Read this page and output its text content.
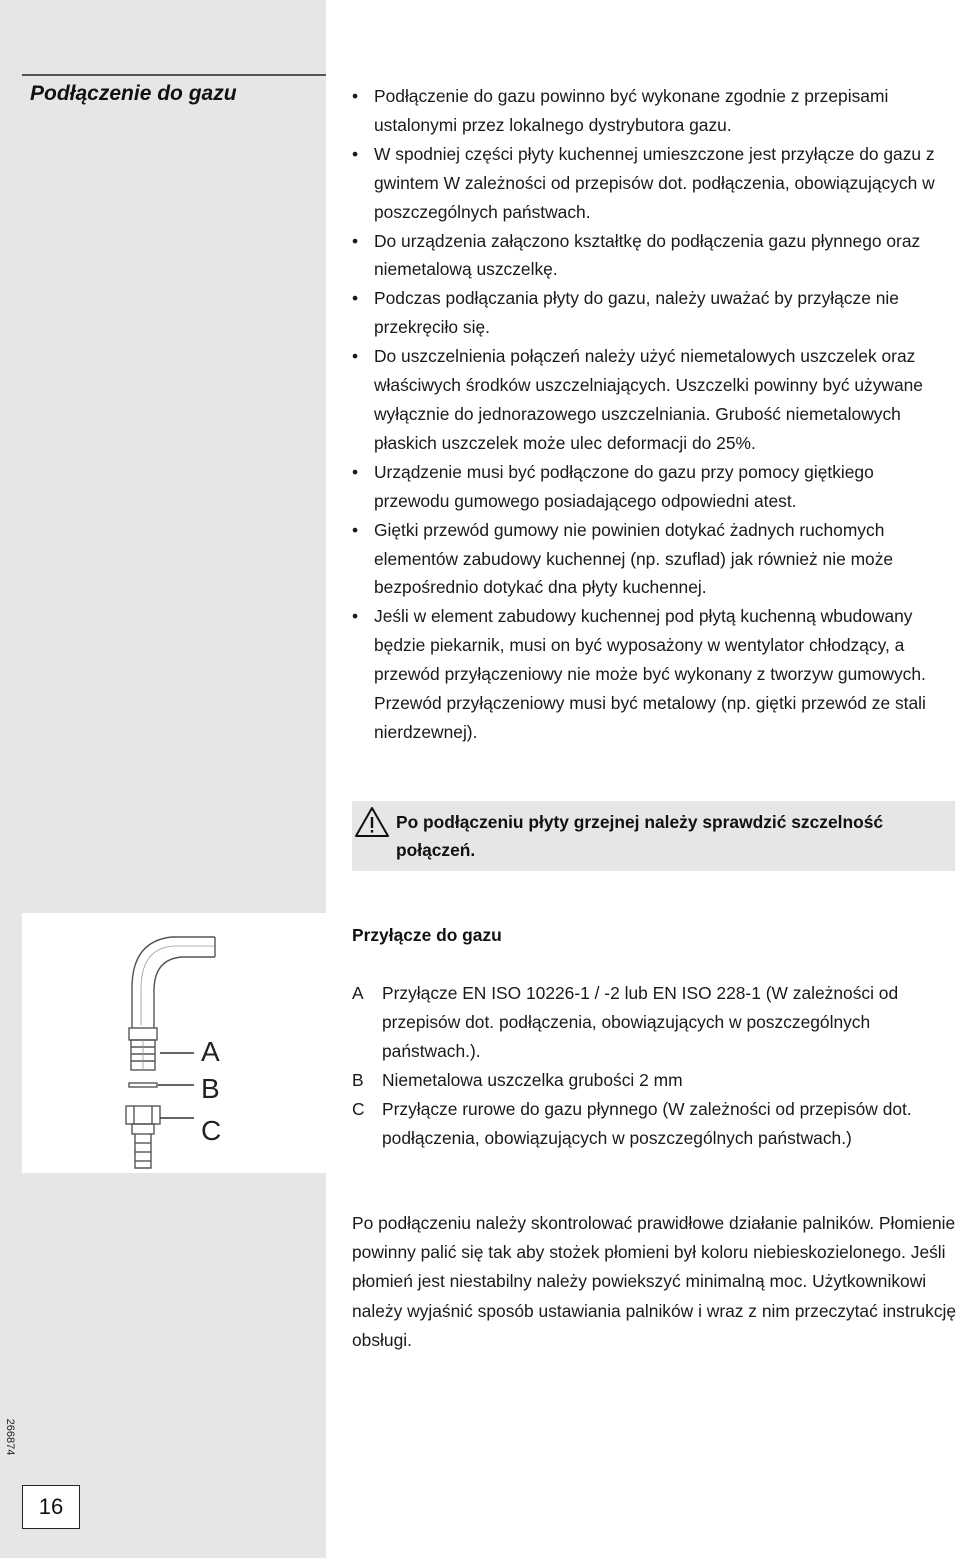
Podłączenie do gazu
•	Podłączenie do gazu powinno być wykonane zgodnie z przepisami ustalonymi przez lokalnego dystrybutora gazu.
• W spodniej części płyty kuchennej umieszczone jest przyłącze do gazu z gwintem W zależności od przepisów dot. podłączenia, obowiązujących w poszczególnych państwach.
• Do urządzenia załączono kształtkę do podłączenia gazu płynnego oraz niemetalową uszczelkę.
• Podczas podłączania płyty do gazu, należy uważać by przyłącze nie przekręciło się.
• Do uszczelnienia połączeń należy użyć niemetalowych uszczelek oraz właściwych środków uszczelniających. Uszczelki powinny być używane wyłącznie do jednorazowego uszczelniania. Grubość niemetalowych płaskich uszczelek może ulec deformacji do 25%.
• Urządzenie musi być podłączone do gazu przy pomocy giętkiego przewodu gumowego posiadającego odpowiedni atest.
• Giętki przewód gumowy nie powinien dotykać żadnych ruchomych elementów zabudowy kuchennej (np. szuflad) jak również nie może bezpośrednio dotykać dna płyty kuchennej.
• Jeśli w element zabudowy kuchennej pod płytą kuchenną wbudowany będzie piekarnik, musi on być wyposażony w wentylator chłodzący, a przewód przyłączeniowy nie może być wykonany z tworzyw gumowych. Przewód przyłączeniowy musi być metalowy (np. giętki przewód ze stali nierdzewnej).
Po podłączeniu płyty grzejnej należy sprawdzić szczelność połączeń.
A
B
C
Przyłącze do gazu
A Przyłącze EN ISO 10226-1 / -2 lub EN ISO 228-1 (W zależności od przepisów dot. podłączenia, obowiązujących w poszczególnych państwach.).
B Niemetalowa uszczelka grubości 2 mm
C Przyłącze rurowe do gazu płynnego (W zależności od przepisów dot. podłączenia, obowiązujących w poszczególnych państwach.)

Po podłączeniu należy skontrolować prawidłowe działanie palników. Płomienie powinny palić się tak aby stożek płomieni był koloru niebieskozielonego. Jeśli płomień jest niestabilny należy powiekszyć minimalną moc. Użytkownikowi należy wyjaśnić sposób ustawiania palników i wraz z nim przeczytać instrukcję obsługi.

266874
16
